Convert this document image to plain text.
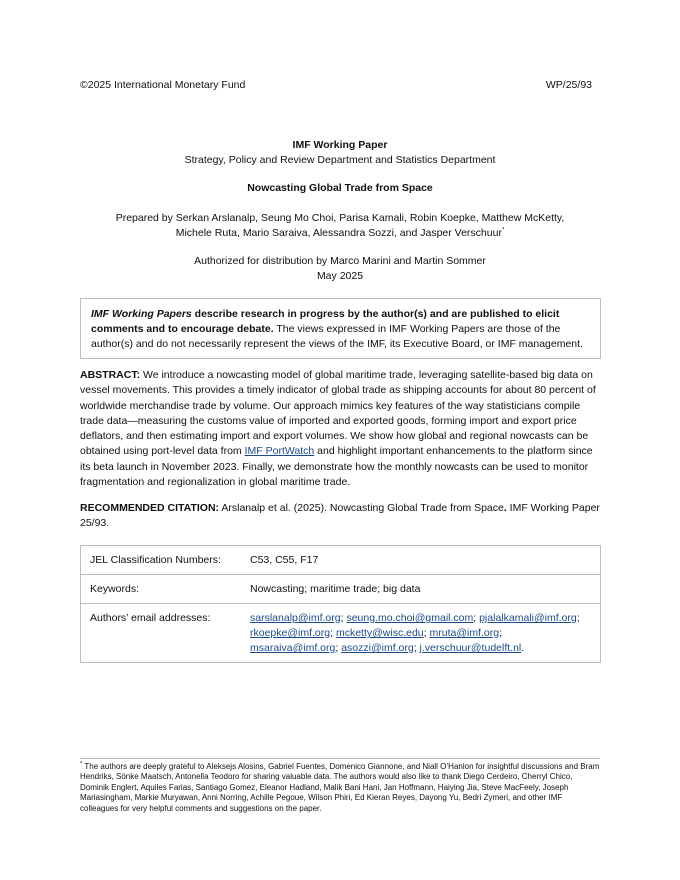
©2025 International Monetary Fund	WP/25/93
IMF Working Paper
Strategy, Policy and Review Department and Statistics Department
Nowcasting Global Trade from Space
Prepared by Serkan Arslanalp, Seung Mo Choi, Parisa Kamali, Robin Koepke, Matthew McKetty,
Michele Ruta, Mario Saraiva, Alessandra Sozzi, and Jasper Verschuur*
Authorized for distribution by Marco Marini and Martin Sommer
May 2025
IMF Working Papers describe research in progress by the author(s) and are published to elicit comments and to encourage debate. The views expressed in IMF Working Papers are those of the author(s) and do not necessarily represent the views of the IMF, its Executive Board, or IMF management.
ABSTRACT: We introduce a nowcasting model of global maritime trade, leveraging satellite-based big data on vessel movements. This provides a timely indicator of global trade as shipping accounts for about 80 percent of worldwide merchandise trade by volume. Our approach mimics key features of the way statisticians compile trade data—measuring the customs value of imported and exported goods, forming import and export price deflators, and then estimating import and export volumes. We show how global and regional nowcasts can be obtained using port-level data from IMF PortWatch and highlight important enhancements to the platform since its beta launch in November 2023. Finally, we demonstrate how the monthly nowcasts can be used to monitor fragmentation and regionalization in global maritime trade.
RECOMMENDED CITATION: Arslanalp et al. (2025). Nowcasting Global Trade from Space. IMF Working Paper 25/93.
JEL Classification Numbers:	C53, C55, F17
Keywords:	Nowcasting; maritime trade; big data
Authors’ email addresses:	sarslanalp@imf.org; seung.mo.choi@gmail.com; pjalalkamali@imf.org;
rkoepke@imf.org; mcketty@wisc.edu; mruta@imf.org;
msaraiva@imf.org; asozzi@imf.org; j.verschuur@tudelft.nl.
* The authors are deeply grateful to Aleksejs Alosins, Gabriel Fuentes, Domenico Giannone, and Niall O’Hanlon for insightful discussions and Bram Hendriks, Sönke Maatsch, Antonella Teodoro for sharing valuable data. The authors would also like to thank Diego Cerdeiro, Cherryl Chico, Dominik Englert, Aquiles Farias, Santiago Gomez, Eleanor Hadland, Malik Bani Hani, Jan Hoffmann, Haiying Jia, Steve MacFeely, Joseph Mariasingham, Markie Muryawan, Anni Norring, Achille Pegoue, Wilson Phiri, Ed Kieran Reyes, Dayong Yu, Bedri Zymeri, and other IMF colleagues for very helpful comments and suggestions on the paper.
